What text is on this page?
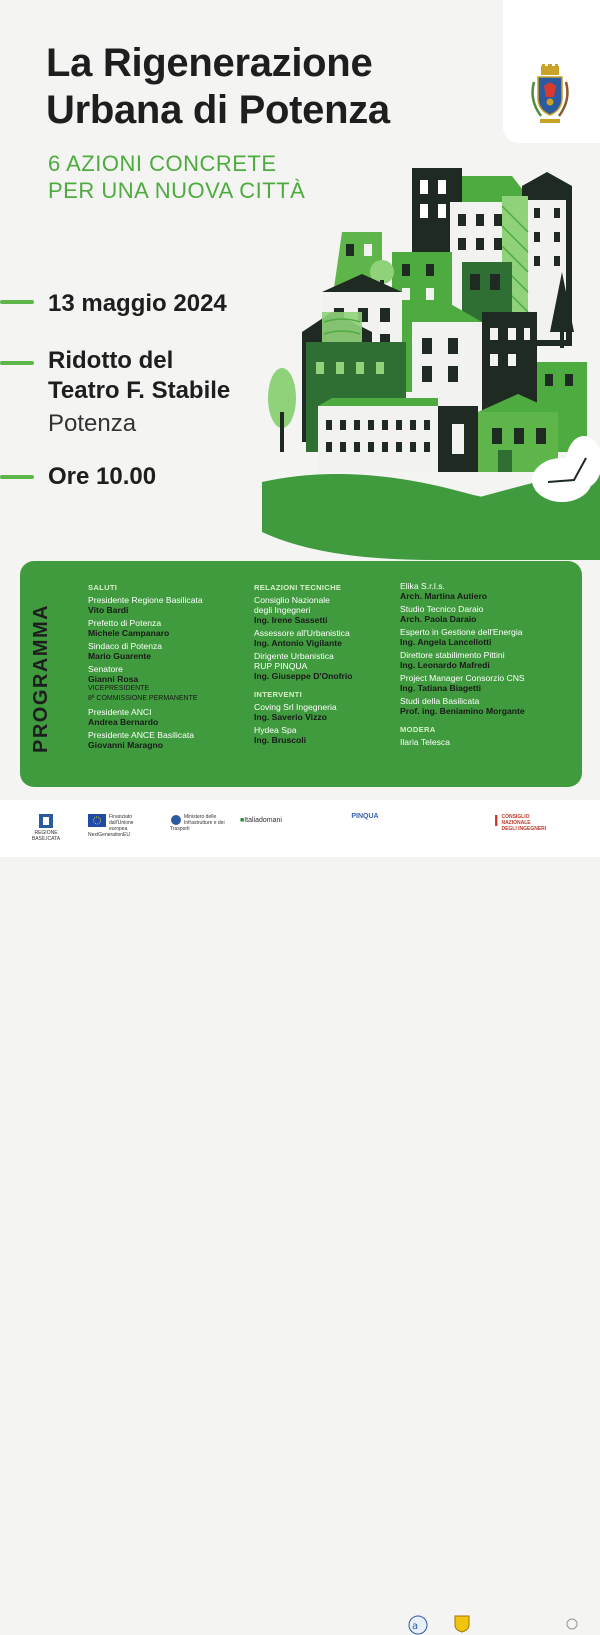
La Rigenerazione
Urbana di Potenza
6 AZIONI CONCRETE
PER UNA NUOVA CITTÀ
13 maggio 2024
Ridotto del
Teatro F. Stabile
Potenza
Ore 10.00
PROGRAMMA
SALUTI
Presidente Regione Basilicata
Vito Bardi
Prefetto di Potenza
Michele Campanaro
Sindaco di Potenza
Mario Guarente
Senatore
Gianni Rosa
VICEPRESIDENTE
8ª COMMISSIONE PERMANENTE
Presidente ANCI
Andrea Bernardo
Presidente ANCE Basilicata
Giovanni Maragno
RELAZIONI TECNICHE
Consiglio Nazionale
degli Ingegneri
Ing. Irene Sassetti
Assessore all'Urbanistica
Ing. Antonio Vigilante
Dirigente Urbanistica
RUP PINQUA
Ing. Giuseppe D'Onofrio
INTERVENTI
Coving Srl Ingegneria
Ing. Saverio Vizzo
Hydea Spa
Ing. Bruscoli
Elika S.r.l.s.
Arch. Martina Autiero
Studio Tecnico Daraio
Arch. Paola Daraio
Esperto in Gestione dell'Energia
Ing. Angela Lancellotti
Direttore stabilimento Pittini
Ing. Leonardo Mafredi
Project Manager Consorzio CNS
Ing. Tatiana Biagetti
Studi della Basilicata
Prof. ing. Beniamino Morgante
MODERA
Ilaria Telesca
REGIONE BASILICATA
Finanziato
dall'Unione europea
NextGenerationEU
Ministero delle
Infrastrutture e dei Trasporti
■Italiadomani
PINQUA
a
ICONSIGLIO NAZIONALE
DEGLI INGEGNERI
